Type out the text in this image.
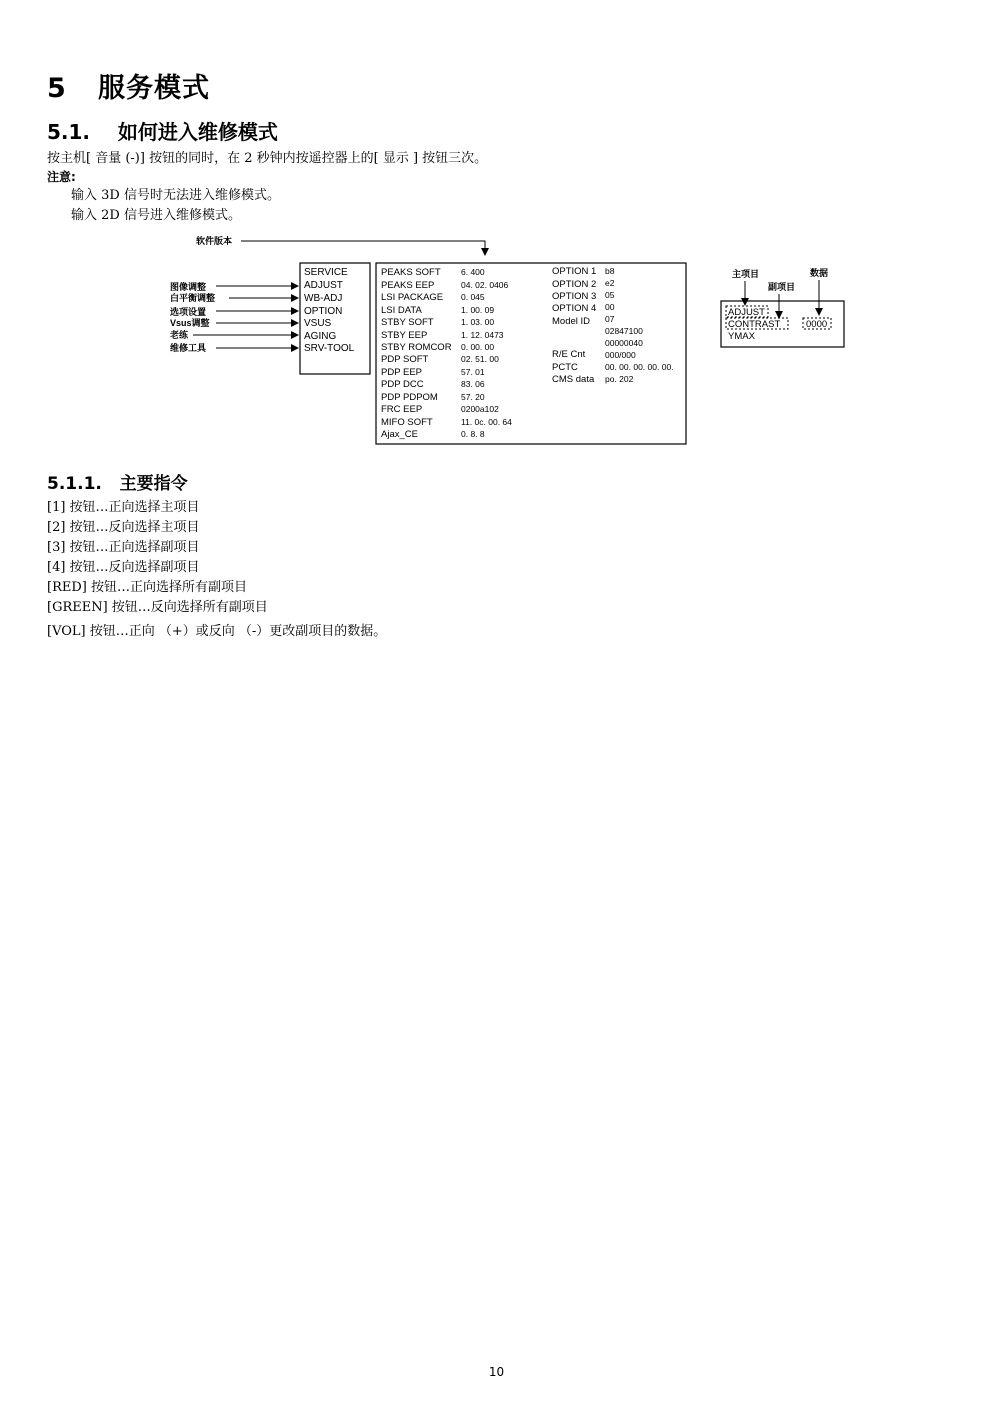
5 服务模式
5.1. 如何进入维修模式
按主机[ 音量 (-)] 按钮的同时，在 2 秒钟内按遥控器上的[ 显示 ] 按钮三次。
注意:
输入 3D 信号时无法进入维修模式。
输入 2D 信号进入维修模式。
软件版本
图像调整
白平衡调整
选项设置
Vsus调整
老练
维修工具
SERVICE
ADJUST
WB-ADJ
OPTION
VSUS
AGING
SRV-TOOL
PEAKS SOFT
PEAKS EEP
LSI PACKAGE
LSI DATA
STBY SOFT
STBY EEP
STBY ROMCOR
PDP SOFT
PDP EEP
PDP DCC
PDP PDPOM
FRC EEP
MIFO SOFT
Ajax_CE
6. 400
04. 02. 0406
0. 045
1. 00. 09
1. 03. 00
1. 12. 0473
0. 00. 00
02. 51. 00
57. 01
83. 06
57. 20
0200a102
11. 0c. 00. 64
0. 8. 8
OPTION 1
OPTION 2
OPTION 3
OPTION 4
Model ID
R/E Cnt
PCTC
CMS data
b8
e2
05
00
07
02847100
00000040
000/000
00. 00. 00. 00. 00.
po. 202
主项目
副项目
数据
ADJUST
CONTRAST	0000
YMAX
5.1.1. 主要指令
[1] 按钮…正向选择主项目
[2] 按钮…反向选择主项目
[3] 按钮…正向选择副项目
[4] 按钮…反向选择副项目
[RED] 按钮…正向选择所有副项目
[GREEN] 按钮…反向选择所有副项目
[VOL] 按钮…正向 （+）或反向 （-）更改副项目的数据。
10
